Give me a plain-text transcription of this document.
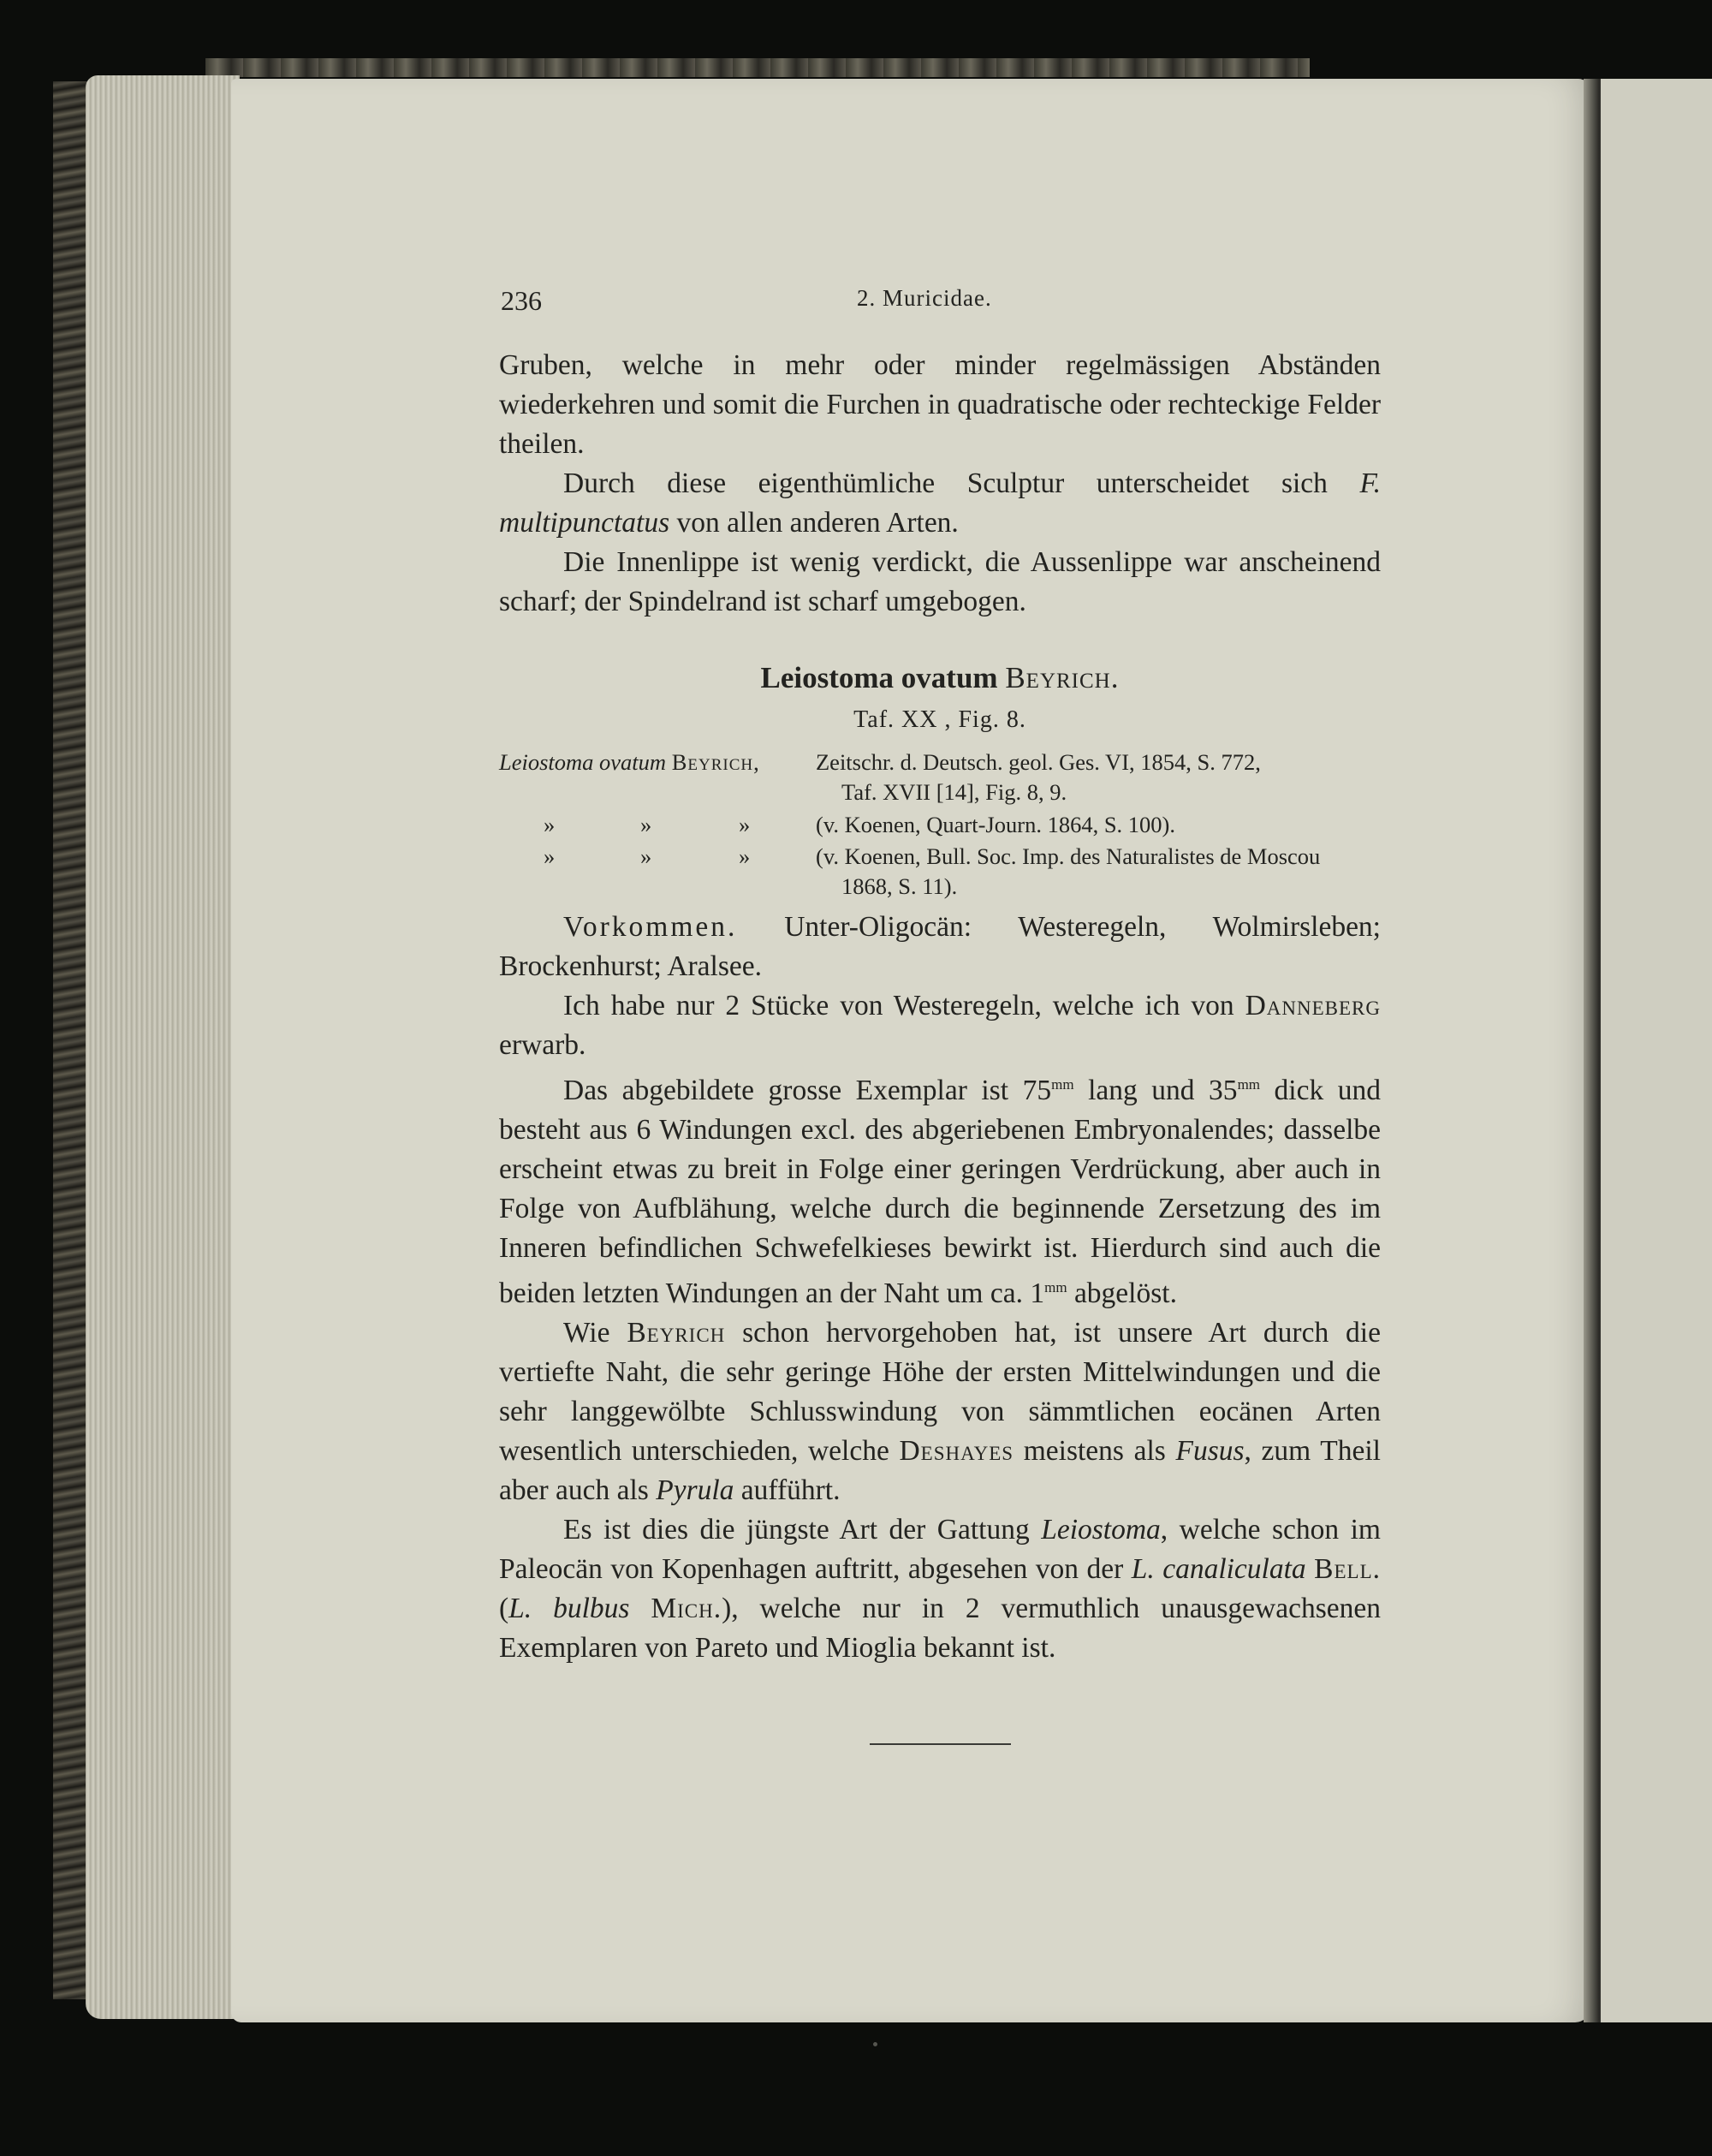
236	2. Muricidae.

Gruben, welche in mehr oder minder regelmässigen Abständen wiederkehren und somit die Furchen in quadratische oder rechteckige Felder theilen.

Durch diese eigenthümliche Sculptur unterscheidet sich F. multipunctatus von allen anderen Arten.

Die Innenlippe ist wenig verdickt, die Aussenlippe war anscheinend scharf; der Spindelrand ist scharf umgebogen.

Leiostoma ovatum Beyrich.
Taf. XX , Fig. 8.
Leiostoma ovatum Beyrich, Zeitschr. d. Deutsch. geol. Ges. VI, 1854, S. 772,
Taf. XVII [14], Fig. 8, 9.
»	»	»	(v. Koenen, Quart-Journ. 1864, S. 100).
»	»	»	(v. Koenen, Bull. Soc. Imp. des Naturalistes de Moscou
1868, S. 11).

Vorkommen. Unter-Oligocän: Westeregeln, Wolmirsleben; Brockenhurst; Aralsee.

Ich habe nur 2 Stücke von Westeregeln, welche ich von Danneberg erwarb.

Das abgebildete grosse Exemplar ist $75^{mm}$ lang und $35^{mm}$ dick und besteht aus 6 Windungen excl. des abgeriebenen Embryonalendes; dasselbe erscheint etwas zu breit in Folge einer geringen Verdrückung, aber auch in Folge von Aufblähung, welche durch die beginnende Zersetzung des im Inneren befindlichen Schwefelkieses bewirkt ist. Hierdurch sind auch die beiden letzten Windungen an der Naht um ca. $1^{mm}$ abgelöst.

Wie Beyrich schon hervorgehoben hat, ist unsere Art durch die vertiefte Naht, die sehr geringe Höhe der ersten Mittelwindungen und die sehr langgewölbte Schlusswindung von sämmtlichen eocänen Arten wesentlich unterschieden, welche Deshayes meistens als Fusus, zum Theil aber auch als Pyrula aufführt.

Es ist dies die jüngste Art der Gattung Leiostoma, welche schon im Paleocän von Kopenhagen auftritt, abgesehen von der L. canaliculata Bell. (L. bulbus Mich.), welche nur in 2 vermuthlich unausgewachsenen Exemplaren von Pareto und Mioglia bekannt ist.
